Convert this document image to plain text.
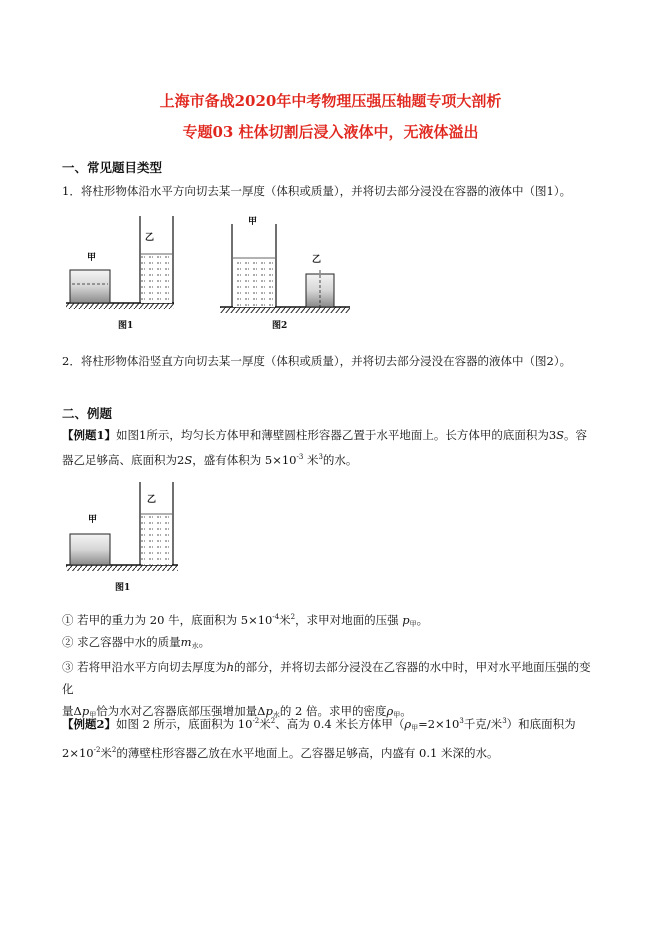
上海市备战2020年中考物理压强压轴题专项大剖析
专题03 柱体切割后浸入液体中，无液体溢出
一、常见题目类型
1．将柱形物体沿水平方向切去某一厚度（体积或质量），并将切去部分浸没在容器的液体中（图1）。
甲
乙
图1
甲
乙
图2
2．将柱形物体沿竖直方向切去某一厚度（体积或质量），并将切去部分浸没在容器的液体中（图2）。
二、例题
【例题1】如图1所示，均匀长方体甲和薄壁圆柱形容器乙置于水平地面上。长方体甲的底面积为3S。容
器乙足够高、底面积为2S，盛有体积为 $5\times 10^{-3}$ 米$^3$的水。
甲
乙
图1
① 若甲的重力为 20 牛，底面积为 $5\times 10^{-4}$米$^2$，求甲对地面的压强 $p_甲$。
② 求乙容器中水的质量$m_水$。
③ 若将甲沿水平方向切去厚度为h的部分，并将切去部分浸没在乙容器的水中时，甲对水平地面压强的变化
量$\Delta p_甲$恰为水对乙容器底部压强增加量$\Delta p_水$的 2 倍。求甲的密度$\rho_甲$。
【例题2】如图 2 所示，底面积为 $10^{-2}$米$^2$、高为 0.4 米长方体甲（$\rho_甲=2\times 10^3$千克/米$^3$）和底面积为 $2\times 10^{-2}$米$^2$的薄壁柱形容器乙放在水平地面上。乙容器足够高，内盛有 0.1 米深的水。
